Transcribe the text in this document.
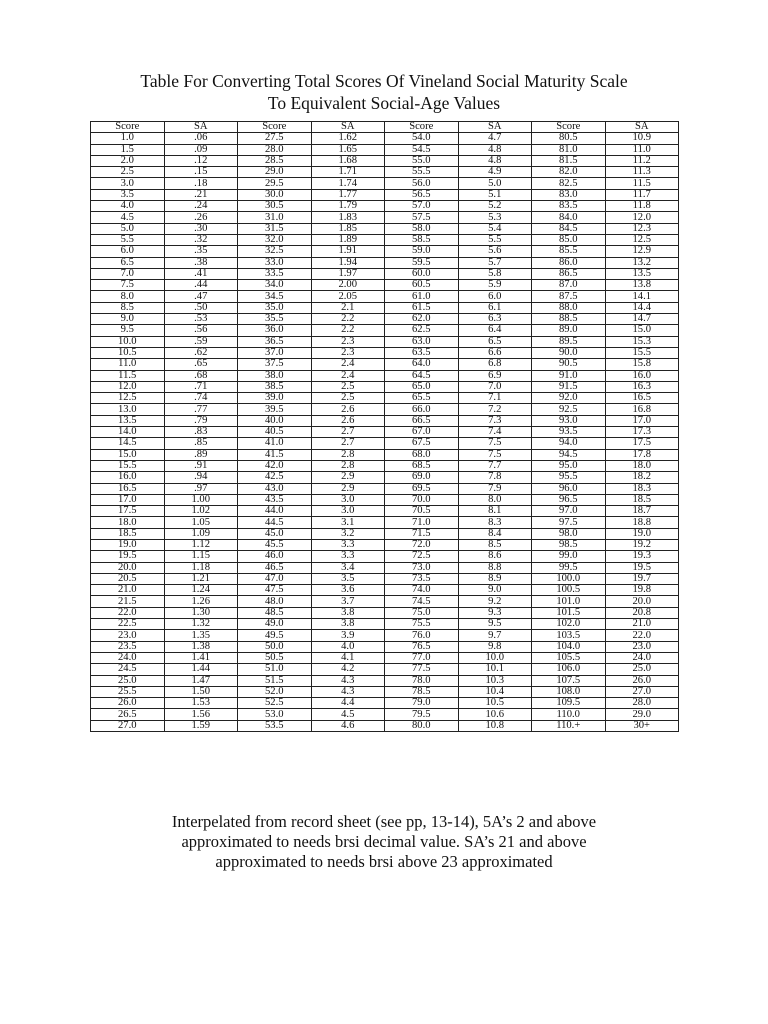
Table For Converting Total Scores Of Vineland Social Maturity Scale
To Equivalent Social-Age Values
Score	SA	Score	SA	Score	SA	Score	SA
1.0	.06	27.5	1.62	54.0	4.7	80.5	10.9
1.5	.09	28.0	1.65	54.5	4.8	81.0	11.0
2.0	.12	28.5	1.68	55.0	4.8	81.5	11.2
2.5	.15	29.0	1.71	55.5	4.9	82.0	11.3
3.0	.18	29.5	1.74	56.0	5.0	82.5	11.5
3.5	.21	30.0	1.77	56.5	5.1	83.0	11.7
4.0	.24	30.5	1.79	57.0	5.2	83.5	11.8
4.5	.26	31.0	1.83	57.5	5.3	84.0	12.0
5.0	.30	31.5	1.85	58.0	5.4	84.5	12.3
5.5	.32	32.0	1.89	58.5	5.5	85.0	12.5
6.0	.35	32.5	1.91	59.0	5.6	85.5	12.9
6.5	.38	33.0	1.94	59.5	5.7	86.0	13.2
7.0	.41	33.5	1.97	60.0	5.8	86.5	13.5
7.5	.44	34.0	2.00	60.5	5.9	87.0	13.8
8.0	.47	34.5	2.05	61.0	6.0	87.5	14.1
8.5	.50	35.0	2.1	61.5	6.1	88.0	14.4
9.0	.53	35.5	2.2	62.0	6.3	88.5	14.7
9.5	.56	36.0	2.2	62.5	6.4	89.0	15.0
10.0	.59	36.5	2.3	63.0	6.5	89.5	15.3
10.5	.62	37.0	2.3	63.5	6.6	90.0	15.5
11.0	.65	37.5	2.4	64.0	6.8	90.5	15.8
11.5	.68	38.0	2.4	64.5	6.9	91.0	16.0
12.0	.71	38.5	2.5	65.0	7.0	91.5	16.3
12.5	.74	39.0	2.5	65.5	7.1	92.0	16.5
13.0	.77	39.5	2.6	66.0	7.2	92.5	16.8
13.5	.79	40.0	2.6	66.5	7.3	93.0	17.0
14.0	.83	40.5	2.7	67.0	7.4	93.5	17.3
14.5	.85	41.0	2.7	67.5	7.5	94.0	17.5
15.0	.89	41.5	2.8	68.0	7.5	94.5	17.8
15.5	.91	42.0	2.8	68.5	7.7	95.0	18.0
16.0	.94	42.5	2.9	69.0	7.8	95.5	18.2
16.5	.97	43.0	2.9	69.5	7.9	96.0	18.3
17.0	1.00	43.5	3.0	70.0	8.0	96.5	18.5
17.5	1.02	44.0	3.0	70.5	8.1	97.0	18.7
18.0	1.05	44.5	3.1	71.0	8.3	97.5	18.8
18.5	1.09	45.0	3.2	71.5	8.4	98.0	19.0
19.0	1.12	45.5	3.3	72.0	8.5	98.5	19.2
19.5	1.15	46.0	3.3	72.5	8.6	99.0	19.3
20.0	1.18	46.5	3.4	73.0	8.8	99.5	19.5
20.5	1.21	47.0	3.5	73.5	8.9	100.0	19.7
21.0	1.24	47.5	3.6	74.0	9.0	100.5	19.8
21.5	1.26	48.0	3.7	74.5	9.2	101.0	20.0
22.0	1.30	48.5	3.8	75.0	9.3	101.5	20.8
22.5	1.32	49.0	3.8	75.5	9.5	102.0	21.0
23.0	1.35	49.5	3.9	76.0	9.7	103.5	22.0
23.5	1.38	50.0	4.0	76.5	9.8	104.0	23.0
24.0	1.41	50.5	4.1	77.0	10.0	105.5	24.0
24.5	1.44	51.0	4.2	77.5	10.1	106.0	25.0
25.0	1.47	51.5	4.3	78.0	10.3	107.5	26.0
25.5	1.50	52.0	4.3	78.5	10.4	108.0	27.0
26.0	1.53	52.5	4.4	79.0	10.5	109.5	28.0
26.5	1.56	53.0	4.5	79.5	10.6	110.0	29.0
27.0	1.59	53.5	4.6	80.0	10.8	110.+	30+
Interpelated from record sheet (see pp, 13-14), 5A’s 2 and above
approximated to needs brsi decimal value. SA’s 21 and above
approximated to needs brsi above 23 approximated
